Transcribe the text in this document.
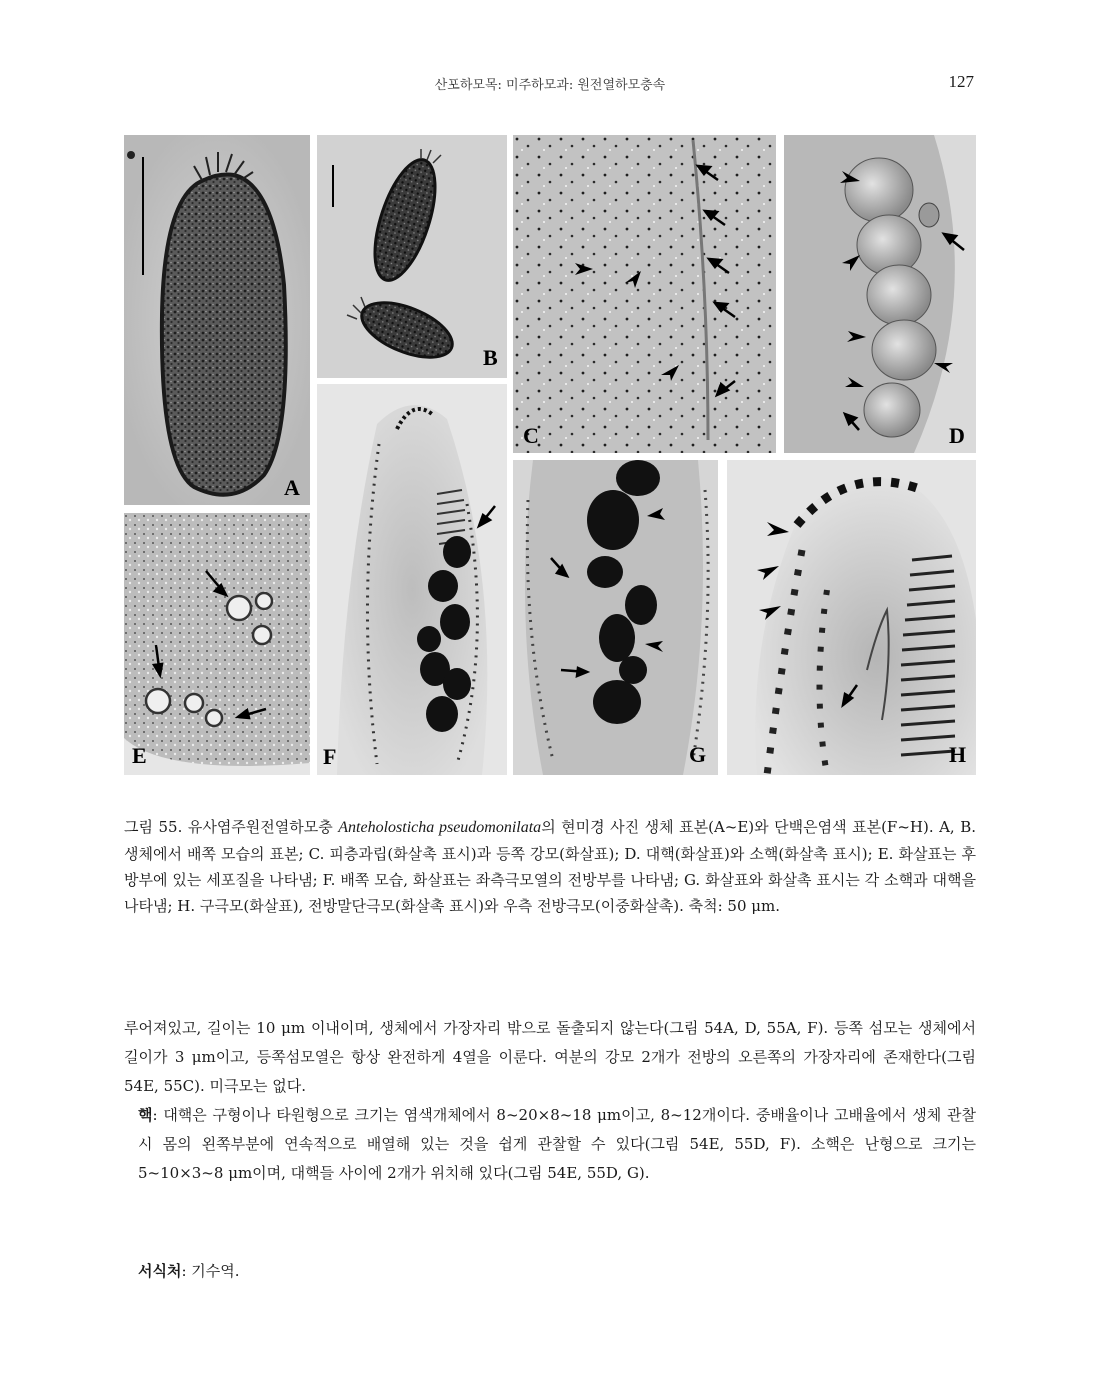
산포하모목: 미주하모과: 원전열하모충속	127
A
B
C	D
E	F	G	H
그림 55. 유사염주원전열하모충 Anteholosticha pseudomonilata의 현미경 사진 생체 표본(A~E)와 단백은염색 표본(F~H). A, B. 생체에서 배쪽 모습의 표본; C. 피층과립(화살촉 표시)과 등쪽 강모(화살표); D. 대핵(화살표)와 소핵(화살촉 표시); E. 화살표는 후방부에 있는 세포질을 나타냄; F. 배쪽 모습, 화살표는 좌측극모열의 전방부를 나타냄; G. 화살표와 화살촉 표시는 각 소핵과 대핵을 나타냄; H. 구극모(화살표), 전방말단극모(화살촉 표시)와 우측 전방극모(이중화살촉). 축척: 50 μm.

루어져있고, 길이는 10 μm 이내이며, 생체에서 가장자리 밖으로 돌출되지 않는다(그림 54A, D, 55A, F). 등쪽 섬모는 생체에서 길이가 3 μm이고, 등쪽섬모열은 항상 완전하게 4열을 이룬다. 여분의 강모 2개가 전방의 오른쪽의 가장자리에 존재한다(그림 54E, 55C). 미극모는 없다.

핵: 대핵은 구형이나 타원형으로 크기는 염색개체에서 8~20×8~18 μm이고, 8~12개이다. 중배율이나 고배율에서 생체 관찰시 몸의 왼쪽부분에 연속적으로 배열해 있는 것을 쉽게 관찰할 수 있다(그림 54E, 55D, F). 소핵은 난형으로 크기는 5~10×3~8 μm이며, 대핵들 사이에 2개가 위치해 있다(그림 54E, 55D, G).

서식처: 기수역.
